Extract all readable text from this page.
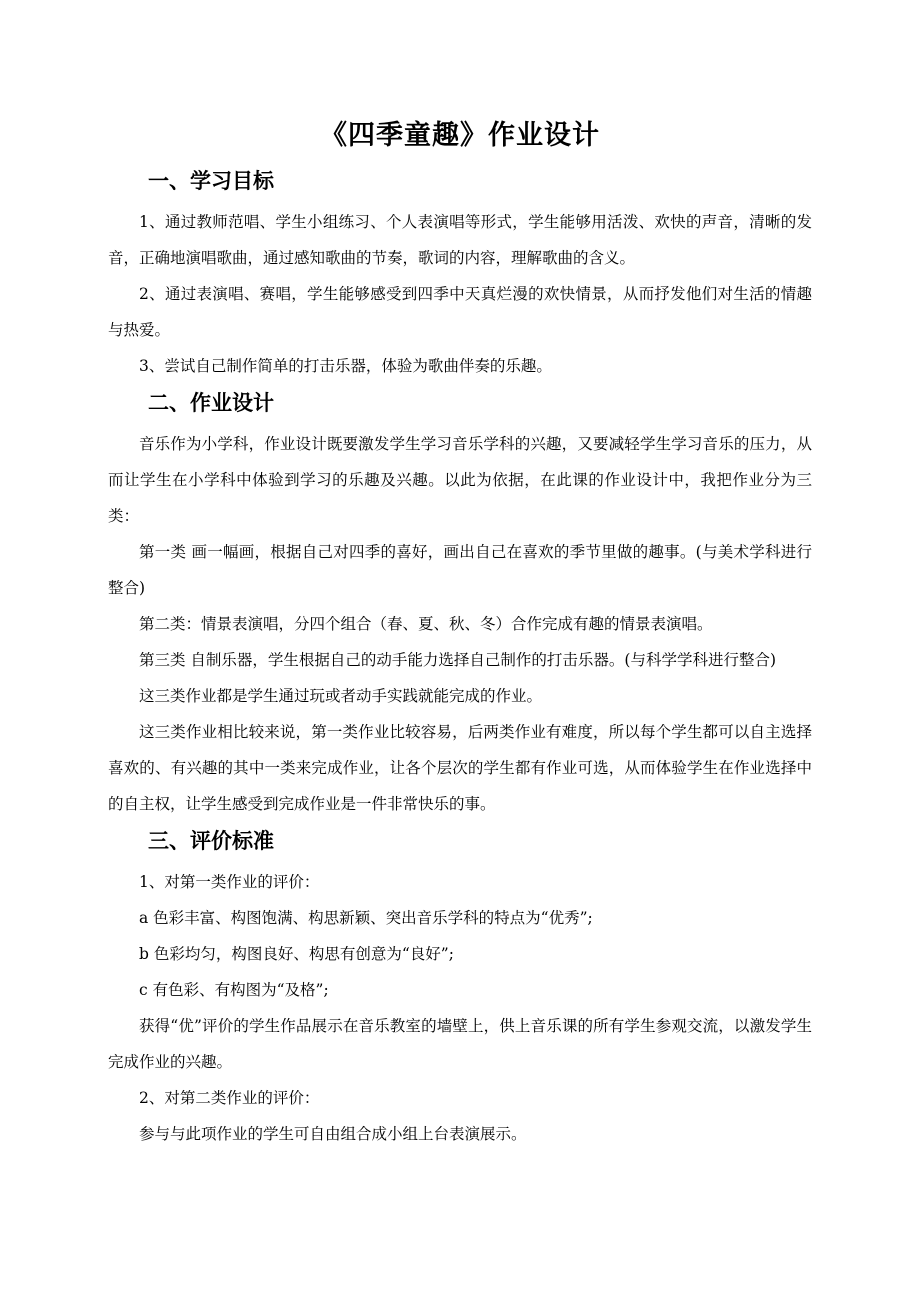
《四季童趣》作业设计
一、学习目标

1、通过教师范唱、学生小组练习、个人表演唱等形式，学生能够用活泼、欢快的声音，清晰的发音，正确地演唱歌曲，通过感知歌曲的节奏，歌词的内容，理解歌曲的含义。

2、通过表演唱、赛唱，学生能够感受到四季中天真烂漫的欢快情景，从而抒发他们对生活的情趣与热爱。

3、尝试自己制作简单的打击乐器，体验为歌曲伴奏的乐趣。

二、作业设计

音乐作为小学科，作业设计既要激发学生学习音乐学科的兴趣，又要减轻学生学习音乐的压力，从而让学生在小学科中体验到学习的乐趣及兴趣。以此为依据，在此课的作业设计中，我把作业分为三类：

第一类 画一幅画，根据自己对四季的喜好，画出自己在喜欢的季节里做的趣事。(与美术学科进行整合)

第二类：情景表演唱，分四个组合（春、夏、秋、冬）合作完成有趣的情景表演唱。

第三类 自制乐器，学生根据自己的动手能力选择自己制作的打击乐器。(与科学学科进行整合)

这三类作业都是学生通过玩或者动手实践就能完成的作业。

这三类作业相比较来说，第一类作业比较容易，后两类作业有难度，所以每个学生都可以自主选择喜欢的、有兴趣的其中一类来完成作业，让各个层次的学生都有作业可选，从而体验学生在作业选择中的自主权，让学生感受到完成作业是一件非常快乐的事。

三、评价标准

1、对第一类作业的评价：

a 色彩丰富、构图饱满、构思新颖、突出音乐学科的特点为“优秀”;

b 色彩均匀，构图良好、构思有创意为“良好”;

c 有色彩、有构图为“及格”;

获得“优”评价的学生作品展示在音乐教室的墙壁上，供上音乐课的所有学生参观交流，以激发学生完成作业的兴趣。

2、对第二类作业的评价：

参与与此项作业的学生可自由组合成小组上台表演展示。
